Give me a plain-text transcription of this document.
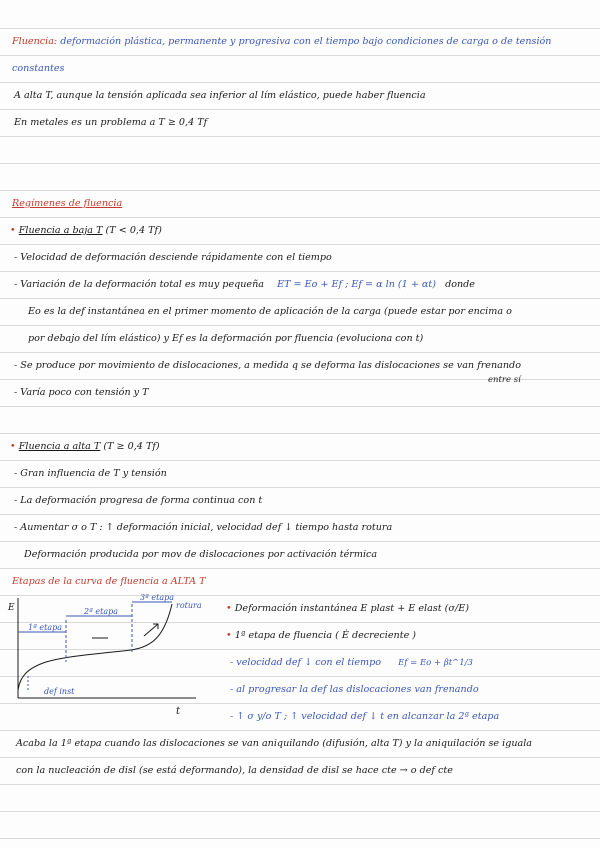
Fluencia: deformación plástica, permanente y progresiva con el tiempo bajo condiciones de carga o de tensión
constantes
A alta T, aunque la tensión aplicada sea inferior al lím elástico, puede haber fluencia
En metales es un problema a T ≥ 0,4 Tf
Regímenes de fluencia
• Fluencia a baja T (T < 0,4 Tf)
- Velocidad de deformación desciende rápidamente con el tiempo
- Variación de la deformación total es muy pequeña ET = Eo + Ef ; Ef = α ln (1 + αt) donde
Eo es la def instantánea en el primer momento de aplicación de la carga (puede estar por encima o
por debajo del lím elástico) y Ef es la deformación por fluencia (evoluciona con t)
- Se produce por movimiento de dislocaciones, a medida q se deforma las dislocaciones se van frenando
entre sí
- Varía poco con tensión y T
• Fluencia a alta T (T ≥ 0,4 Tf)
- Gran influencia de T y tensión
- La deformación progresa de forma continua con t
- Aumentar σ o T : ↑ deformación inicial, velocidad def ↓ tiempo hasta rotura
Deformación producida por mov de dislocaciones por activación térmica
Etapas de la curva de fluencia a ALTA T
E
t
1ª etapa
2ª etapa
3ª etapa
rotura
def inst
• Deformación instantánea E plast + E elast (σ/E)
• 1ª etapa de fluencia ( Ė decreciente )
- velocidad def ↓ con el tiempo Ef = Eo + βt^1/3
- al progresar la def las dislocaciones van frenando
- ↑ σ y/o T ; ↑ velocidad def ↓ t en alcanzar la 2ª etapa
Acaba la 1ª etapa cuando las dislocaciones se van aniquilando (difusión, alta T) y la aniquilación se iguala
con la nucleación de disl (se está deformando), la densidad de disl se hace cte → o def cte
